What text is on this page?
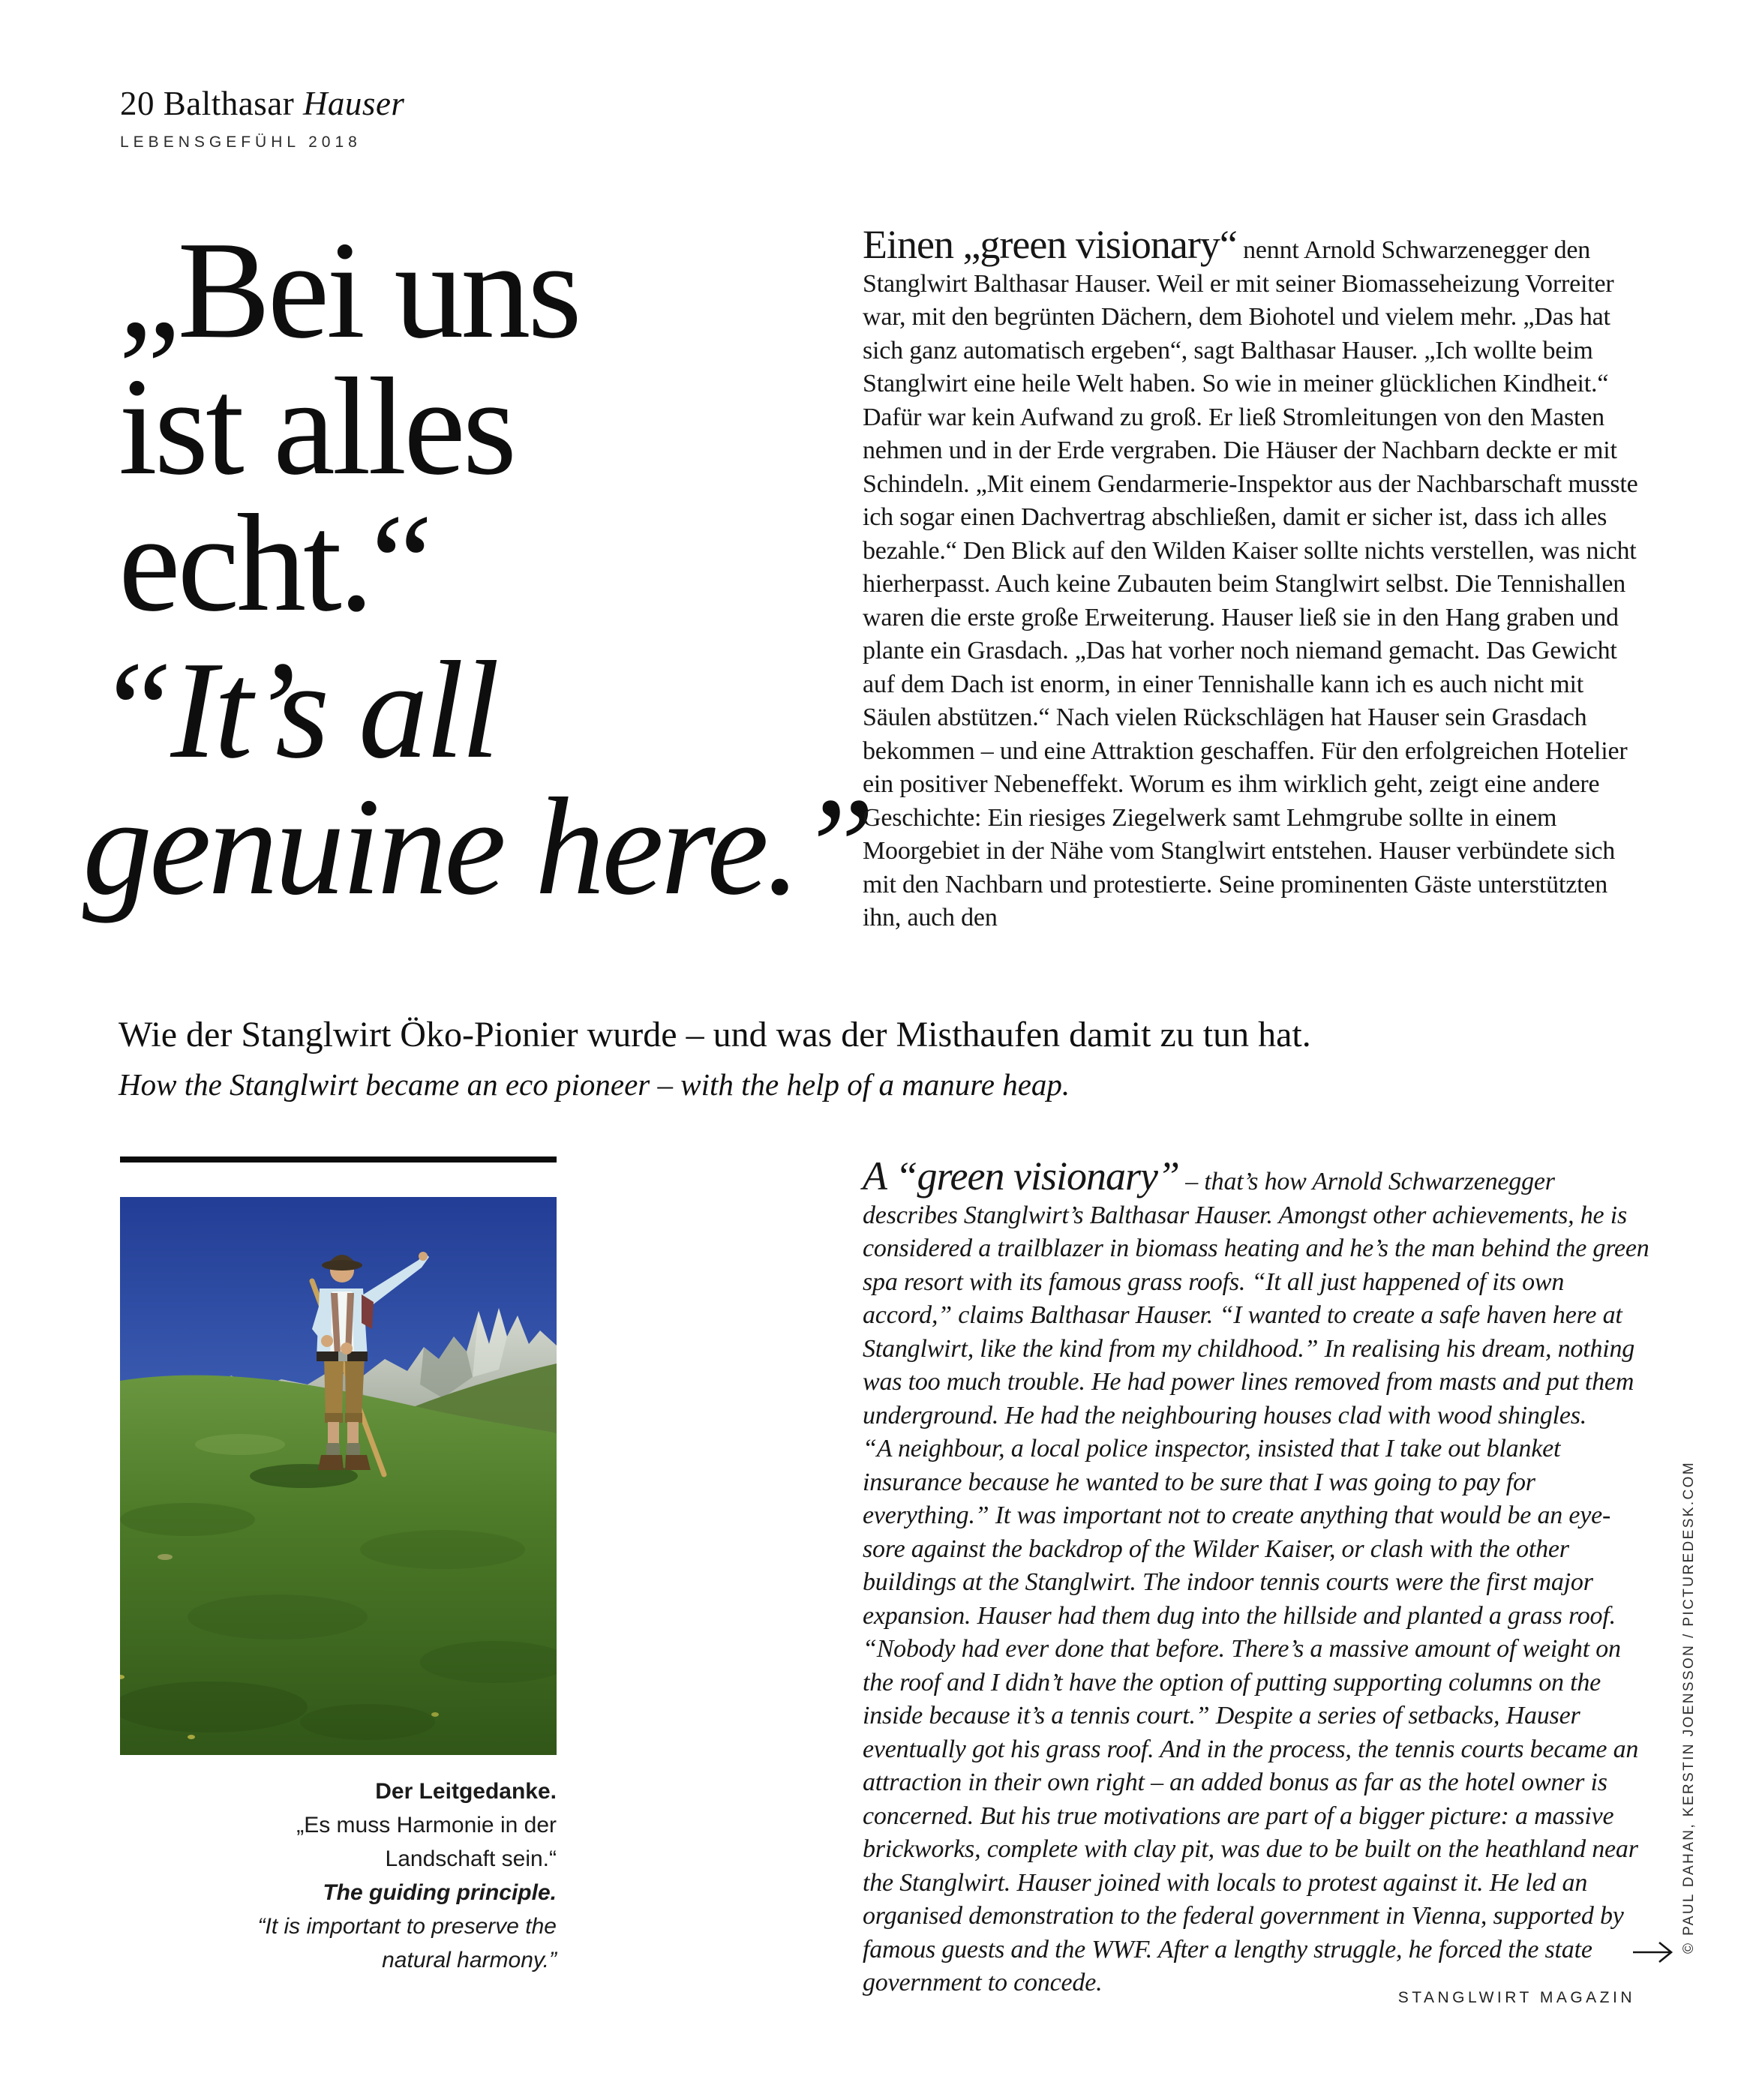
20 Balthasar Hauser
LEBENSGEFÜHL 2018
„Bei uns
ist alles
echt.“
“It’s all
genuine here.”
Einen „green visionary“ nennt Arnold Schwarzenegger den Stanglwirt Balthasar Hauser. Weil er mit seiner Biomasseheizung Vorreiter war, mit den begrünten Dächern, dem Biohotel und vielem mehr. „Das hat sich ganz automatisch ergeben“, sagt Balthasar Hauser. „Ich wollte beim Stanglwirt eine heile Welt haben. So wie in meiner glücklichen Kindheit.“ Dafür war kein Aufwand zu groß. Er ließ Stromleitungen von den Masten nehmen und in der Erde vergraben. Die Häuser der Nachbarn deckte er mit Schindeln. „Mit einem Gendarmerie-Inspektor aus der Nachbarschaft musste ich sogar einen Dachvertrag abschließen, damit er sicher ist, dass ich alles bezahle.“ Den Blick auf den Wilden Kaiser sollte nichts verstellen, was nicht hierherpasst. Auch keine Zubauten beim Stanglwirt selbst. Die Tennishallen waren die erste große Erweiterung. Hauser ließ sie in den Hang graben und plante ein Grasdach. „Das hat vorher noch niemand gemacht. Das Gewicht auf dem Dach ist enorm, in einer Tennishalle kann ich es auch nicht mit Säulen abstützen.“ Nach vielen Rückschlägen hat Hauser sein Grasdach bekommen – und eine Attraktion geschaffen. Für den erfolgreichen Hotelier ein positiver Nebeneffekt. Worum es ihm wirklich geht, zeigt eine andere Geschichte: Ein riesiges Ziegelwerk samt Lehmgrube sollte in einem Moorgebiet in der Nähe vom Stanglwirt entstehen. Hauser verbündete sich mit den Nachbarn und protestierte. Seine prominenten Gäste unterstützten ihn, auch den
Wie der Stanglwirt Öko-Pionier wurde – und was der Misthaufen damit zu tun hat.
How the Stanglwirt became an eco pioneer – with the help of a manure heap.
Der Leitgedanke.
„Es muss Harmonie in der Landschaft sein.“
The guiding principle.
“It is important to preserve the natural harmony.”
A “green visionary” – that’s how Arnold Schwarzenegger describes Stanglwirt’s Balthasar Hauser. Amongst other achievements, he is considered a trailblazer in biomass heating and he’s the man behind the green spa resort with its famous grass roofs. “It all just happened of its own accord,” claims Balthasar Hauser. “I wanted to create a safe haven here at Stanglwirt, like the kind from my childhood.” In realising his dream, nothing was too much trouble. He had power lines removed from masts and put them underground. He had the neighbouring houses clad with wood shingles.
“A neighbour, a local police inspector, insisted that I take out blanket insurance because he wanted to be sure that I was going to pay for everything.” It was important not to create anything that would be an eye-sore against the backdrop of the Wilder Kaiser, or clash with the other buildings at the Stanglwirt. The indoor tennis courts were the first major expansion. Hauser had them dug into the hillside and planted a grass roof. “Nobody had ever done that before. There’s a massive amount of weight on the roof and I didn’t have the option of putting supporting columns on the inside because it’s a tennis court.” Despite a series of setbacks, Hauser eventually got his grass roof. And in the process, the tennis courts became an attraction in their own right – an added bonus as far as the hotel owner is concerned. But his true motivations are part of a bigger picture: a massive brickworks, complete with clay pit, was due to be built on the heathland near the Stanglwirt. Hauser joined with locals to protest against it. He led an organised demonstration to the federal government in Vienna, supported by famous guests and the WWF. After a lengthy struggle, he forced the state government to concede.
© PAUL DAHAN, KERSTIN JOENSSON / PICTUREDESK.COM
STANGLWIRT MAGAZIN
